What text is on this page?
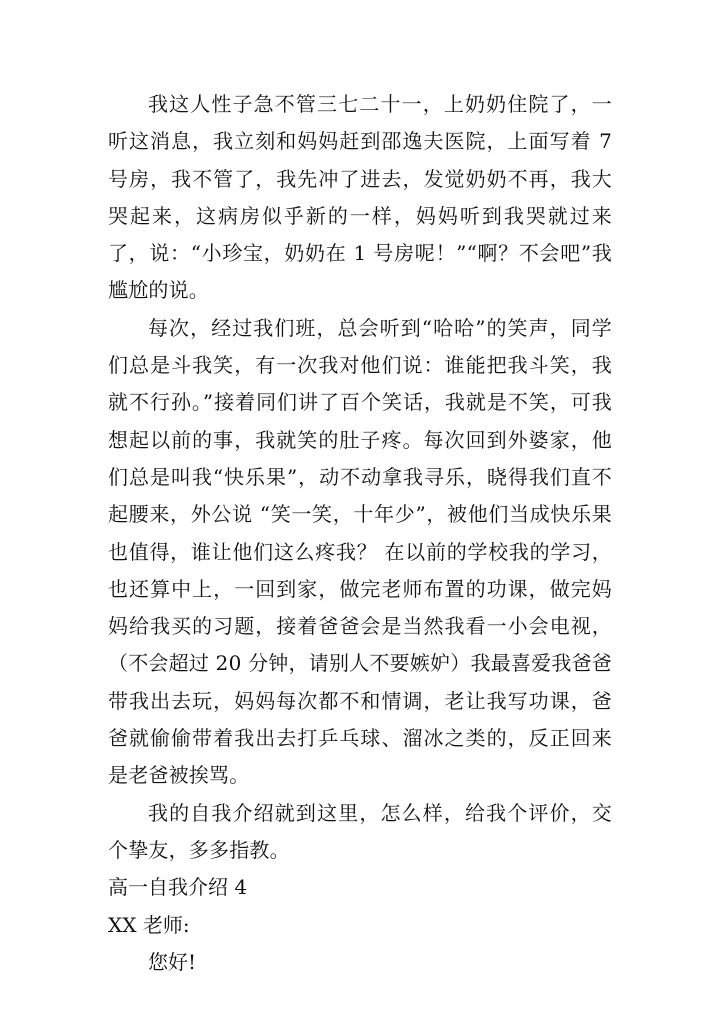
我这人性子急不管三七二十一，上奶奶住院了，一听这消息，我立刻和妈妈赶到邵逸夫医院，上面写着 7 号房，我不管了，我先冲了进去，发觉奶奶不再，我大哭起来，这病房似乎新的一样，妈妈听到我哭就过来了，说：“小珍宝，奶奶在 1 号房呢！”“啊？不会吧”我尴尬的说。

每次，经过我们班，总会听到“哈哈”的笑声，同学们总是斗我笑，有一次我对他们说：谁能把我斗笑，我就不行孙。”接着同们讲了百个笑话，我就是不笑，可我想起以前的事，我就笑的肚子疼。每次回到外婆家，他们总是叫我“快乐果”，动不动拿我寻乐，晓得我们直不起腰来，外公说 “笑一笑，十年少”，被他们当成快乐果也值得，谁让他们这么疼我？ 在以前的学校我的学习，也还算中上，一回到家，做完老师布置的功课，做完妈妈给我买的习题，接着爸爸会是当然我看一小会电视，（不会超过 20 分钟，请别人不要嫉妒）我最喜爱我爸爸带我出去玩，妈妈每次都不和情调，老让我写功课，爸爸就偷偷带着我出去打乒乓球、溜冰之类的，反正回来是老爸被挨骂。

我的自我介绍就到这里，怎么样，给我个评价，交个挚友，多多指教。

高一自我介绍 4

XX 老师:

您好!
